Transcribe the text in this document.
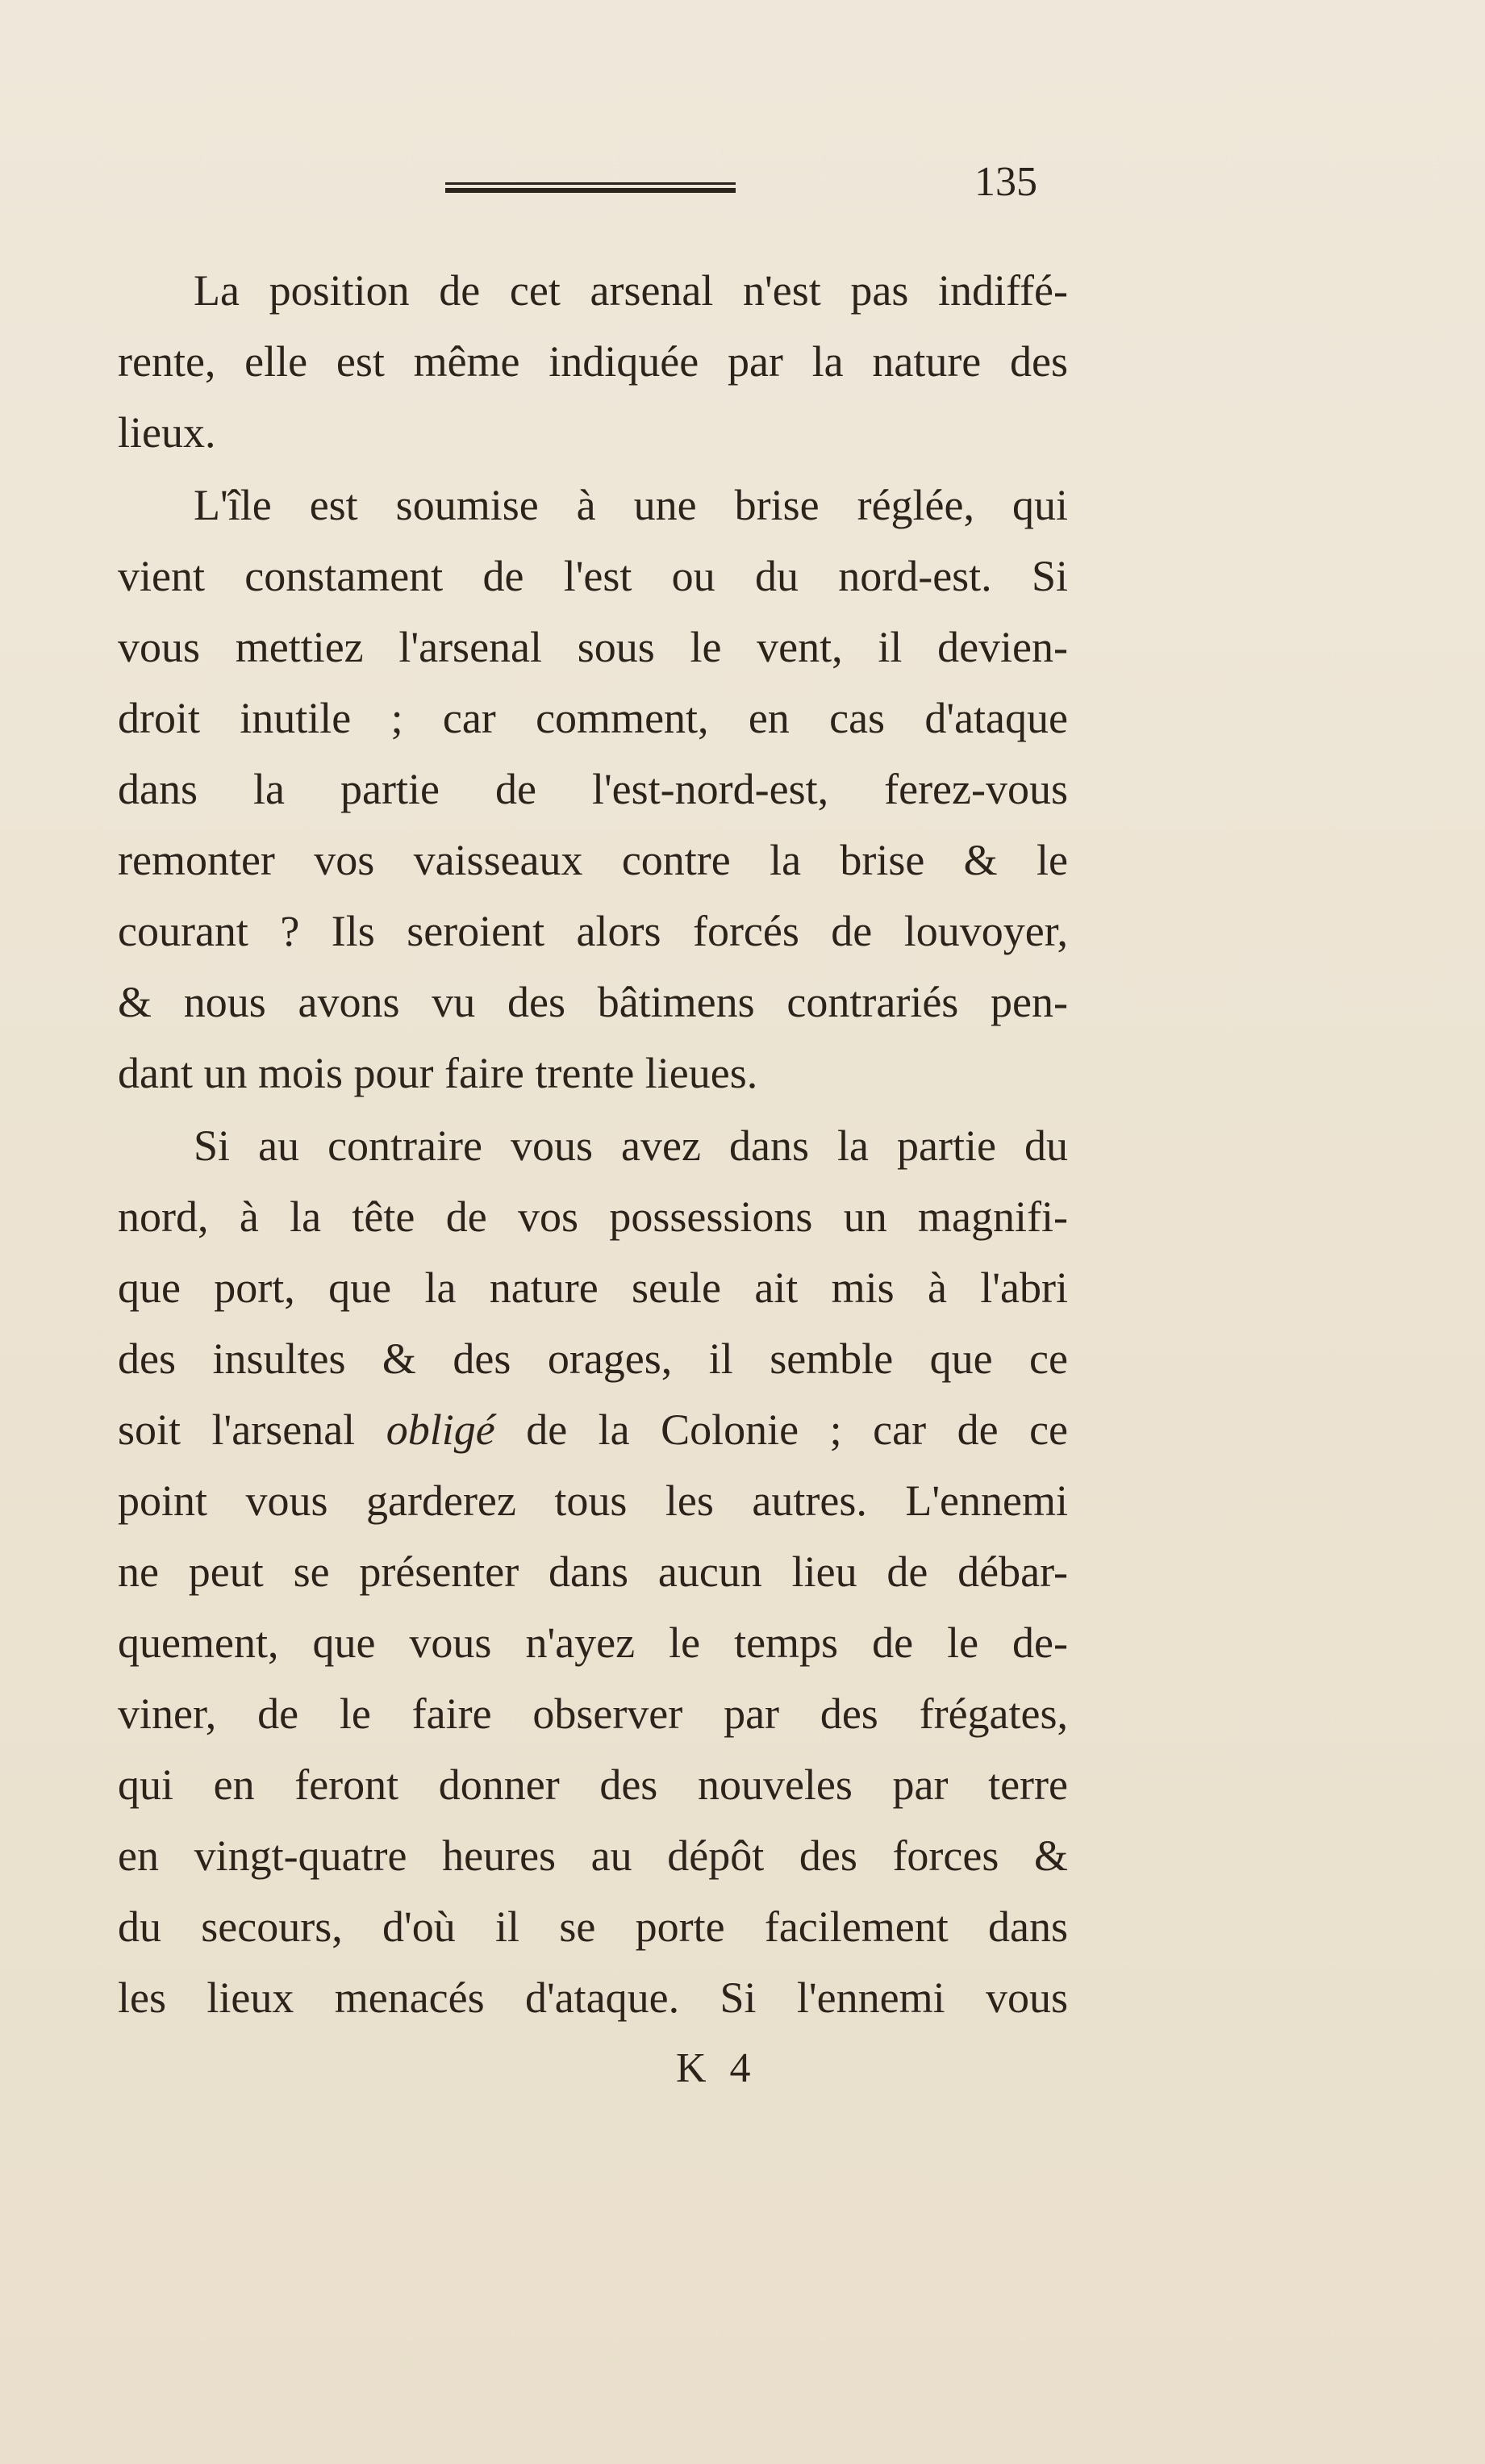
135
La position de cet arsenal n'est pas indiffé-
rente, elle est même indiquée par la nature des
lieux.
L'île est soumise à une brise réglée, qui
vient constament de l'est ou du nord-est. Si
vous mettiez l'arsenal sous le vent, il devien-
droit inutile ; car comment, en cas d'ataque
dans la partie de l'est-nord-est, ferez-vous
remonter vos vaisseaux contre la brise & le
courant ? Ils seroient alors forcés de louvoyer,
& nous avons vu des bâtimens contrariés pen-
dant un mois pour faire trente lieues.
Si au contraire vous avez dans la partie du
nord, à la tête de vos possessions un magnifi-
que port, que la nature seule ait mis à l'abri
des insultes & des orages, il semble que ce
soit l'arsenal obligé de la Colonie ; car de ce
point vous garderez tous les autres. L'ennemi
ne peut se présenter dans aucun lieu de débar-
quement, que vous n'ayez le temps de le de-
viner, de le faire observer par des frégates,
qui en feront donner des nouveles par terre
en vingt-quatre heures au dépôt des forces &
du secours, d'où il se porte facilement dans
les lieux menacés d'ataque. Si l'ennemi vous
K 4
